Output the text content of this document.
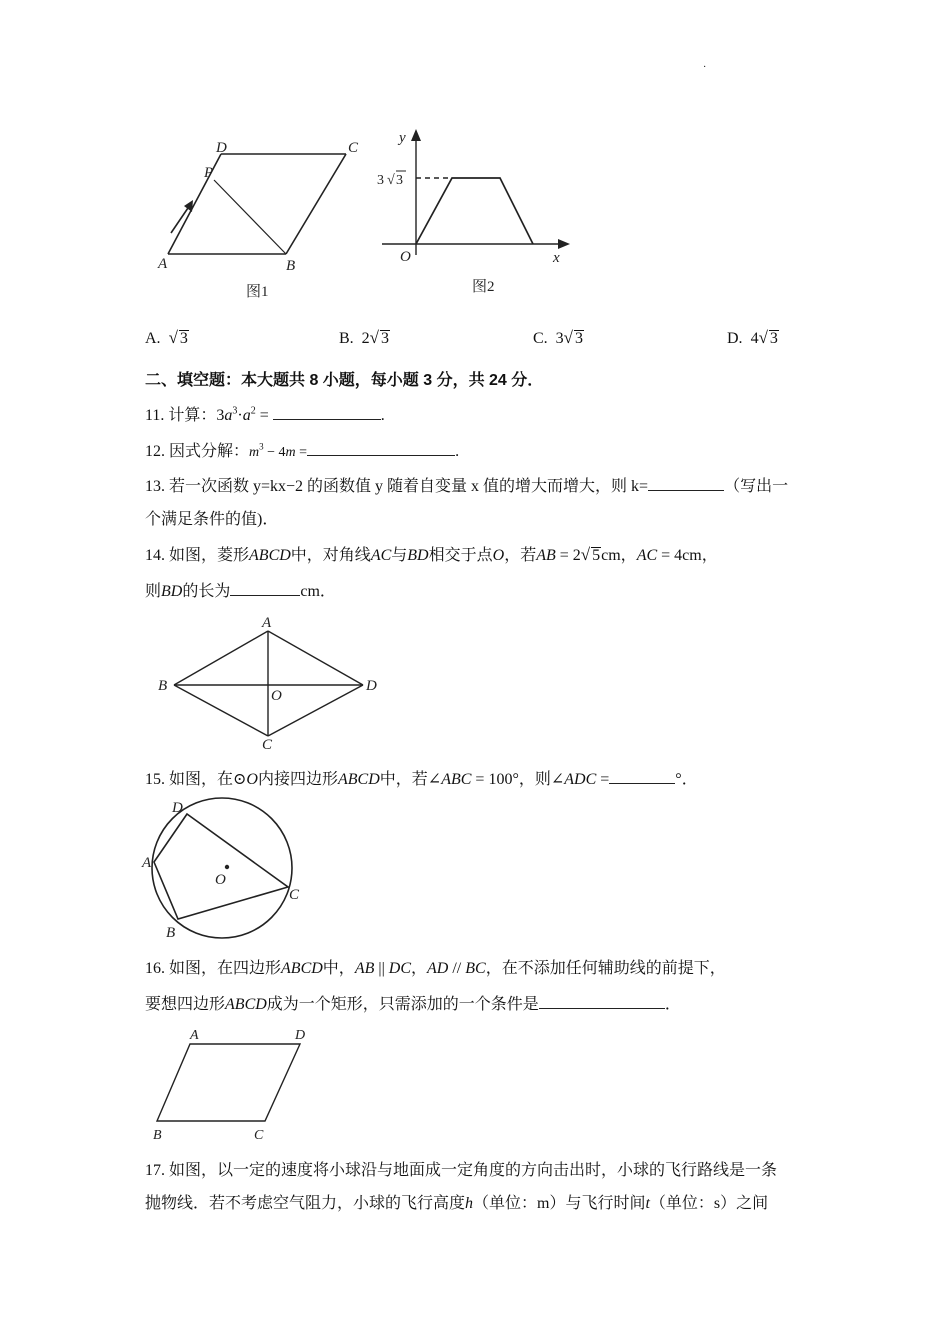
·
D	C
P
A	B
图1
y
x
O
3 √ 3
图2
A. √ 3	B. 2√ 3	C. 3√ 3	D. 4√ 3
二、填空题：本大题共 8 小题，每小题 3 分，共 24 分．
11. 计算：$3a^3\cdot a^2$ =	.
12. 因式分解：$m^3 - 4m$ =	.
13. 若一次函数 y=kx−2 的函数值 y 随着自变量 x 值的增大而增大，则 k=	（写出一
个满足条件的值)．
14. 如图，菱形ABCD中，对角线AC与BD相交于点O，若AB = 2√ 5cm，AC = 4cm，
则BD的长为	cm．
A
B	D
O
C
15. 如图，在⊙O内接四边形ABCD中，若∠ABC = 100°，则∠ADC =	°．
D
A
B
C
O
16. 如图，在四边形ABCD中，AB || DC，AD // BC，在不添加任何辅助线的前提下，
要想四边形ABCD成为一个矩形，只需添加的一个条件是	．
A	D
B	C
17. 如图，以一定的速度将小球沿与地面成一定角度的方向击出时，小球的飞行路线是一条
抛物线．若不考虑空气阻力，小球的飞行高度h（单位：m）与飞行时间t（单位：s）之间
